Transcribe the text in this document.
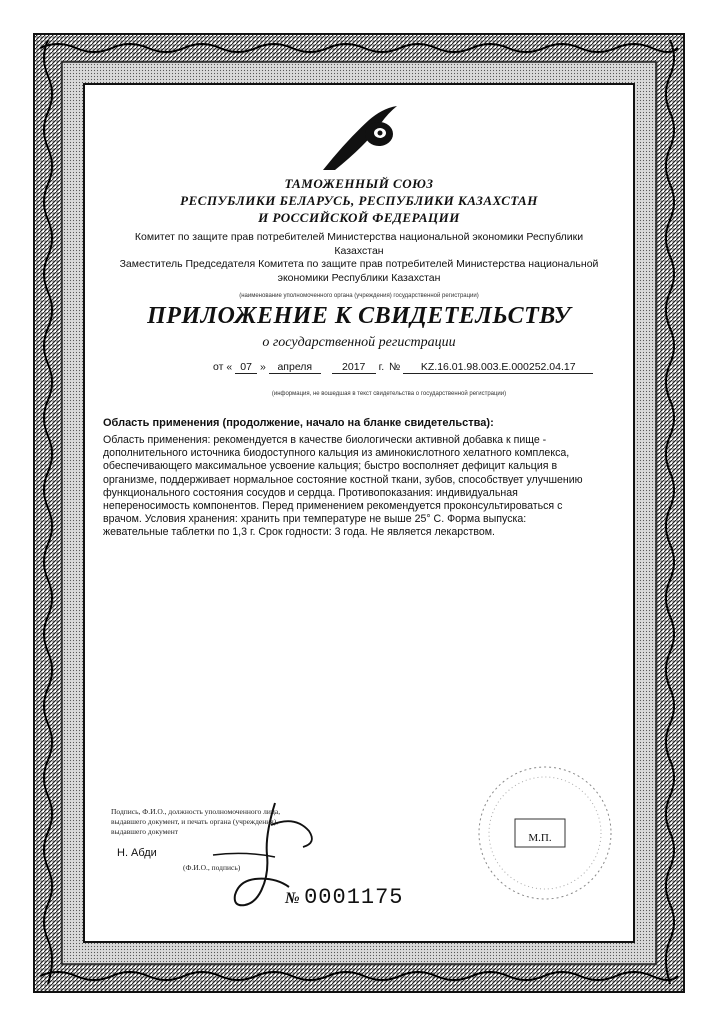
ТАМОЖЕННЫЙ СОЮЗ
РЕСПУБЛИКИ БЕЛАРУСЬ, РЕСПУБЛИКИ КАЗАХСТАН
И РОССИЙСКОЙ ФЕДЕРАЦИИ
Комитет по защите прав потребителей Министерства национальной экономики Республики
Казахстан
Заместитель Председателя Комитета по защите прав потребителей Министерства национальной
экономики Республики Казахстан
(наименование уполномоченного органа (учреждения) государственной регистрации)
ПРИЛОЖЕНИЕ К СВИДЕТЕЛЬСТВУ
о государственной регистрации
от « 07 » апреля	2017 г. № KZ.16.01.98.003.E.000252.04.17
(информация, не вошедшая в текст свидетельства о государственной регистрации)
Область применения (продолжение, начало на бланке свидетельства):
Область применения: рекомендуется в качестве биологически активной добавка к пище -
дополнительного источника биодоступного кальция из аминокислотного хелатного комплекса,
обеспечивающего максимальное усвоение кальция; быстро восполняет дефицит кальция в
организме, поддерживает нормальное состояние костной ткани, зубов, способствует улучшению
функционального состояния сосудов и сердца. Противопоказания: индивидуальная
непереносимость компонентов. Перед применением рекомендуется проконсультироваться с
врачом. Условия хранения: хранить при температуре не выше 25° С. Форма выпуска:
жевательные таблетки по 1,3 г. Срок годности: 3 года. Не является лекарством.
Подпись, Ф.И.О., должность уполномоченного лица,
выдавшего документ, и печать органа (учреждения),
выдавшего документ
Н. Абди
(Ф.И.О., подпись)
М.П.
№ 0001175
